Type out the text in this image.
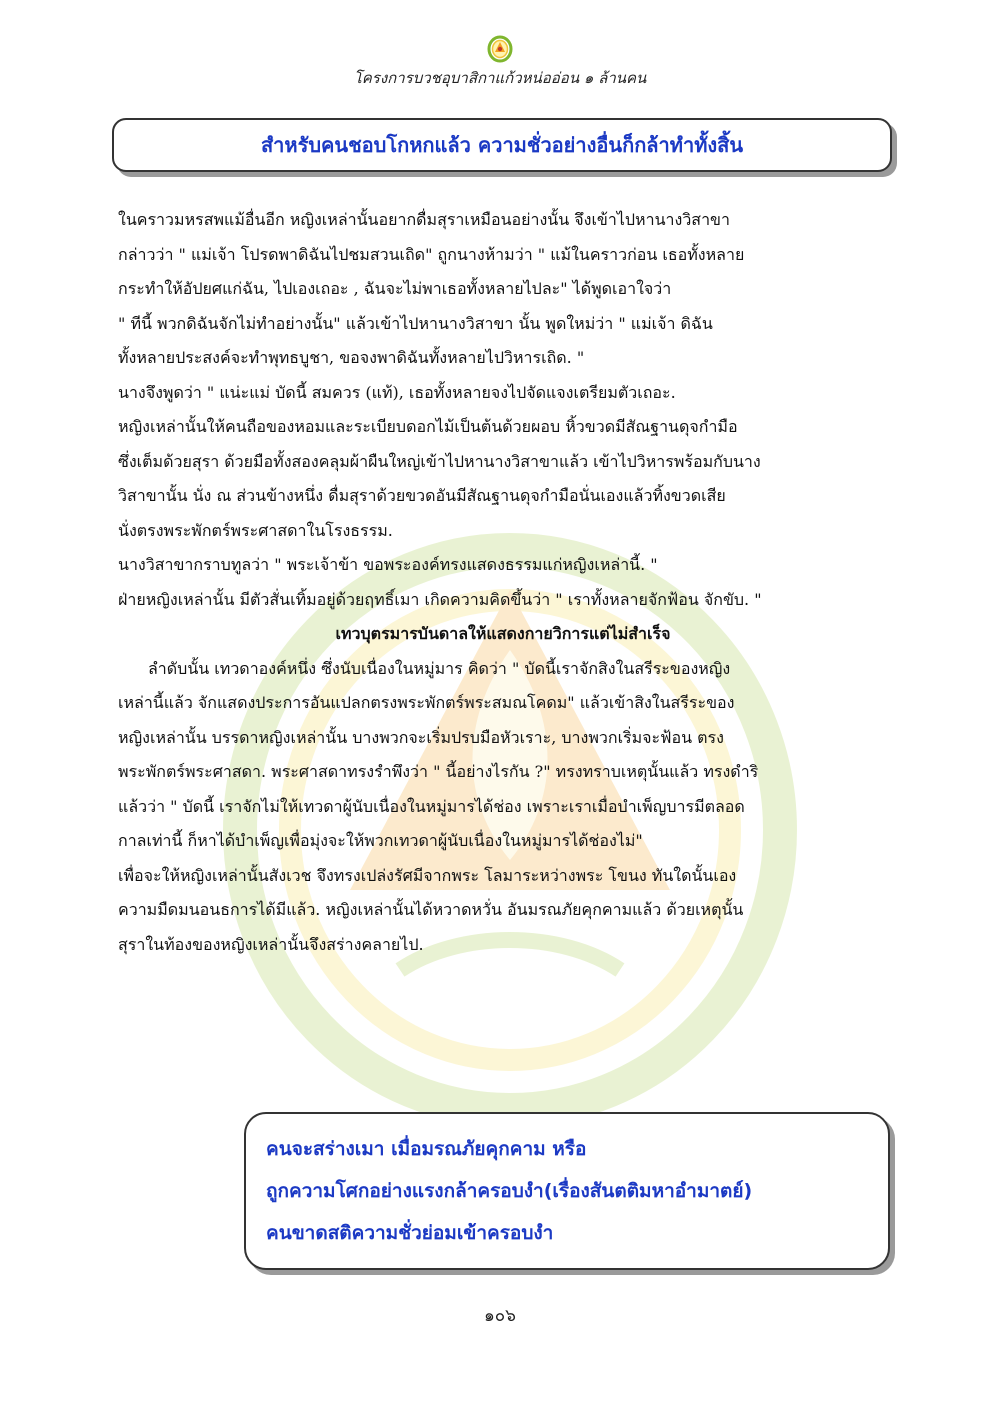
โครงการบวชอุบาสิกาแก้วหน่ออ่อน ๑ ล้านคน
สำหรับคนชอบโกหกแล้ว ความชั่วอย่างอื่นก็กล้าทำทั้งสิ้น
ในคราวมหรสพแม้อื่นอีก หญิงเหล่านั้นอยากดื่มสุราเหมือนอย่างนั้น จึงเข้าไปหานางวิสาขา
กล่าวว่า " แม่เจ้า โปรดพาดิฉันไปชมสวนเถิด" ถูกนางห้ามว่า " แม้ในคราวก่อน เธอทั้งหลาย
กระทำให้อัปยศแก่ฉัน, ไปเองเถอะ , ฉันจะไม่พาเธอทั้งหลายไปละ" ได้พูดเอาใจว่า
" ทีนี้ พวกดิฉันจักไม่ทำอย่างนั้น" แล้วเข้าไปหานางวิสาขา นั้น พูดใหม่ว่า " แม่เจ้า ดิฉัน
ทั้งหลายประสงค์จะทำพุทธบูชา, ขอจงพาดิฉันทั้งหลายไปวิหารเถิด. "
นางจึงพูดว่า " แน่ะแม่ บัดนี้ สมควร (แท้), เธอทั้งหลายจงไปจัดแจงเตรียมตัวเถอะ.
หญิงเหล่านั้นให้คนถือของหอมและระเบียบดอกไม้เป็นต้นด้วยผอบ หิ้วขวดมีสัณฐานดุจกำมือ
ซึ่งเต็มด้วยสุรา ด้วยมือทั้งสองคลุมผ้าผืนใหญ่เข้าไปหานางวิสาขาแล้ว เข้าไปวิหารพร้อมกับนาง
วิสาขานั้น นั่ง ณ ส่วนข้างหนึ่ง ดื่มสุราด้วยขวดอันมีสัณฐานดุจกำมือนั่นเองแล้วทิ้งขวดเสีย
นั่งตรงพระพักตร์พระศาสดาในโรงธรรม.
นางวิสาขากราบทูลว่า " พระเจ้าข้า ขอพระองค์ทรงแสดงธรรมแก่หญิงเหล่านี้. "
ฝ่ายหญิงเหล่านั้น มีตัวสั่นเทิ้มอยู่ด้วยฤทธิ์เมา เกิดความคิดขึ้นว่า " เราทั้งหลายจักฟ้อน จักขับ. "
เทวบุตรมารบันดาลให้แสดงกายวิการแต่ไม่สำเร็จ
ลำดับนั้น เทวดาองค์หนึ่ง ซึ่งนับเนื่องในหมู่มาร คิดว่า " บัดนี้เราจักสิงในสรีระของหญิง
เหล่านี้แล้ว จักแสดงประการอันแปลกตรงพระพักตร์พระสมณโคดม" แล้วเข้าสิงในสรีระของ
หญิงเหล่านั้น บรรดาหญิงเหล่านั้น บางพวกจะเริ่มปรบมือหัวเราะ, บางพวกเริ่มจะฟ้อน ตรง
พระพักตร์พระศาสดา. พระศาสดาทรงรำพึงว่า " นี้อย่างไรกัน ?" ทรงทราบเหตุนั้นแล้ว ทรงดำริ
แล้วว่า " บัดนี้ เราจักไม่ให้เทวดาผู้นับเนื่องในหมู่มารได้ช่อง เพราะเราเมื่อบำเพ็ญบารมีตลอด
กาลเท่านี้ ก็หาได้บำเพ็ญเพื่อมุ่งจะให้พวกเทวดาผู้นับเนื่องในหมู่มารได้ช่องไม่"
เพื่อจะให้หญิงเหล่านั้นสังเวช จึงทรงเปล่งรัศมีจากพระ โลมาระหว่างพระ โขนง ทันใดนั้นเอง
ความมืดมนอนธการได้มีแล้ว. หญิงเหล่านั้นได้หวาดหวั่น อันมรณภัยคุกคามแล้ว ด้วยเหตุนั้น
สุราในท้องของหญิงเหล่านั้นจึงสร่างคลายไป.
คนจะสร่างเมา เมื่อมรณภัยคุกคาม หรือ
ถูกความโศกอย่างแรงกล้าครอบงำ(เรื่องสันตติมหาอำมาตย์)
คนขาดสติความชั่วย่อมเข้าครอบงำ
๑๐๖
